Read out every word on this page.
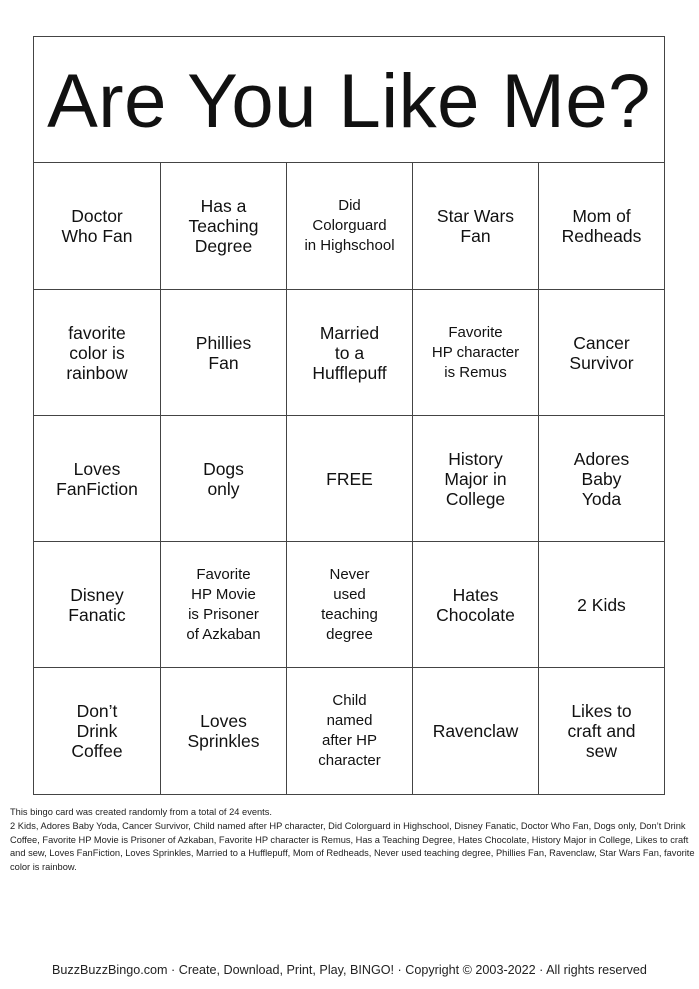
Are You Like Me?
Doctor
Who Fan
Has a
Teaching
Degree
Did
Colorguard
in Highschool
Star Wars
Fan
Mom of
Redheads
favorite
color is
rainbow
Phillies
Fan
Married
to a
Hufflepuff
Favorite
HP character
is Remus
Cancer
Survivor
Loves
FanFiction
Dogs
only	FREE
History
Major in
College
Adores
Baby
Yoda
Disney
Fanatic
Favorite
HP Movie
is Prisoner
of Azkaban
Never
used
teaching
degree
Hates
Chocolate	2 Kids
Don’t
Drink
Coffee
Loves
Sprinkles
Child
named
after HP
character
Ravenclaw
Likes to
craft and
sew

This bingo card was created randomly from a total of 24 events.

2 Kids, Adores Baby Yoda, Cancer Survivor, Child named after HP character, Did Colorguard in Highschool, Disney Fanatic, Doctor Who Fan, Dogs only, Don’t Drink Coffee, Favorite HP Movie is Prisoner of Azkaban, Favorite HP character is Remus, Has a Teaching Degree, Hates Chocolate, History Major in College, Likes to craft and sew, Loves FanFiction, Loves Sprinkles, Married to a Hufflepuff, Mom of Redheads, Never used teaching degree, Phillies Fan, Ravenclaw, Star Wars Fan, favorite color is rainbow.

BuzzBuzzBingo.com · Create, Download, Print, Play, BINGO! · Copyright © 2003-2022 · All rights reserved
